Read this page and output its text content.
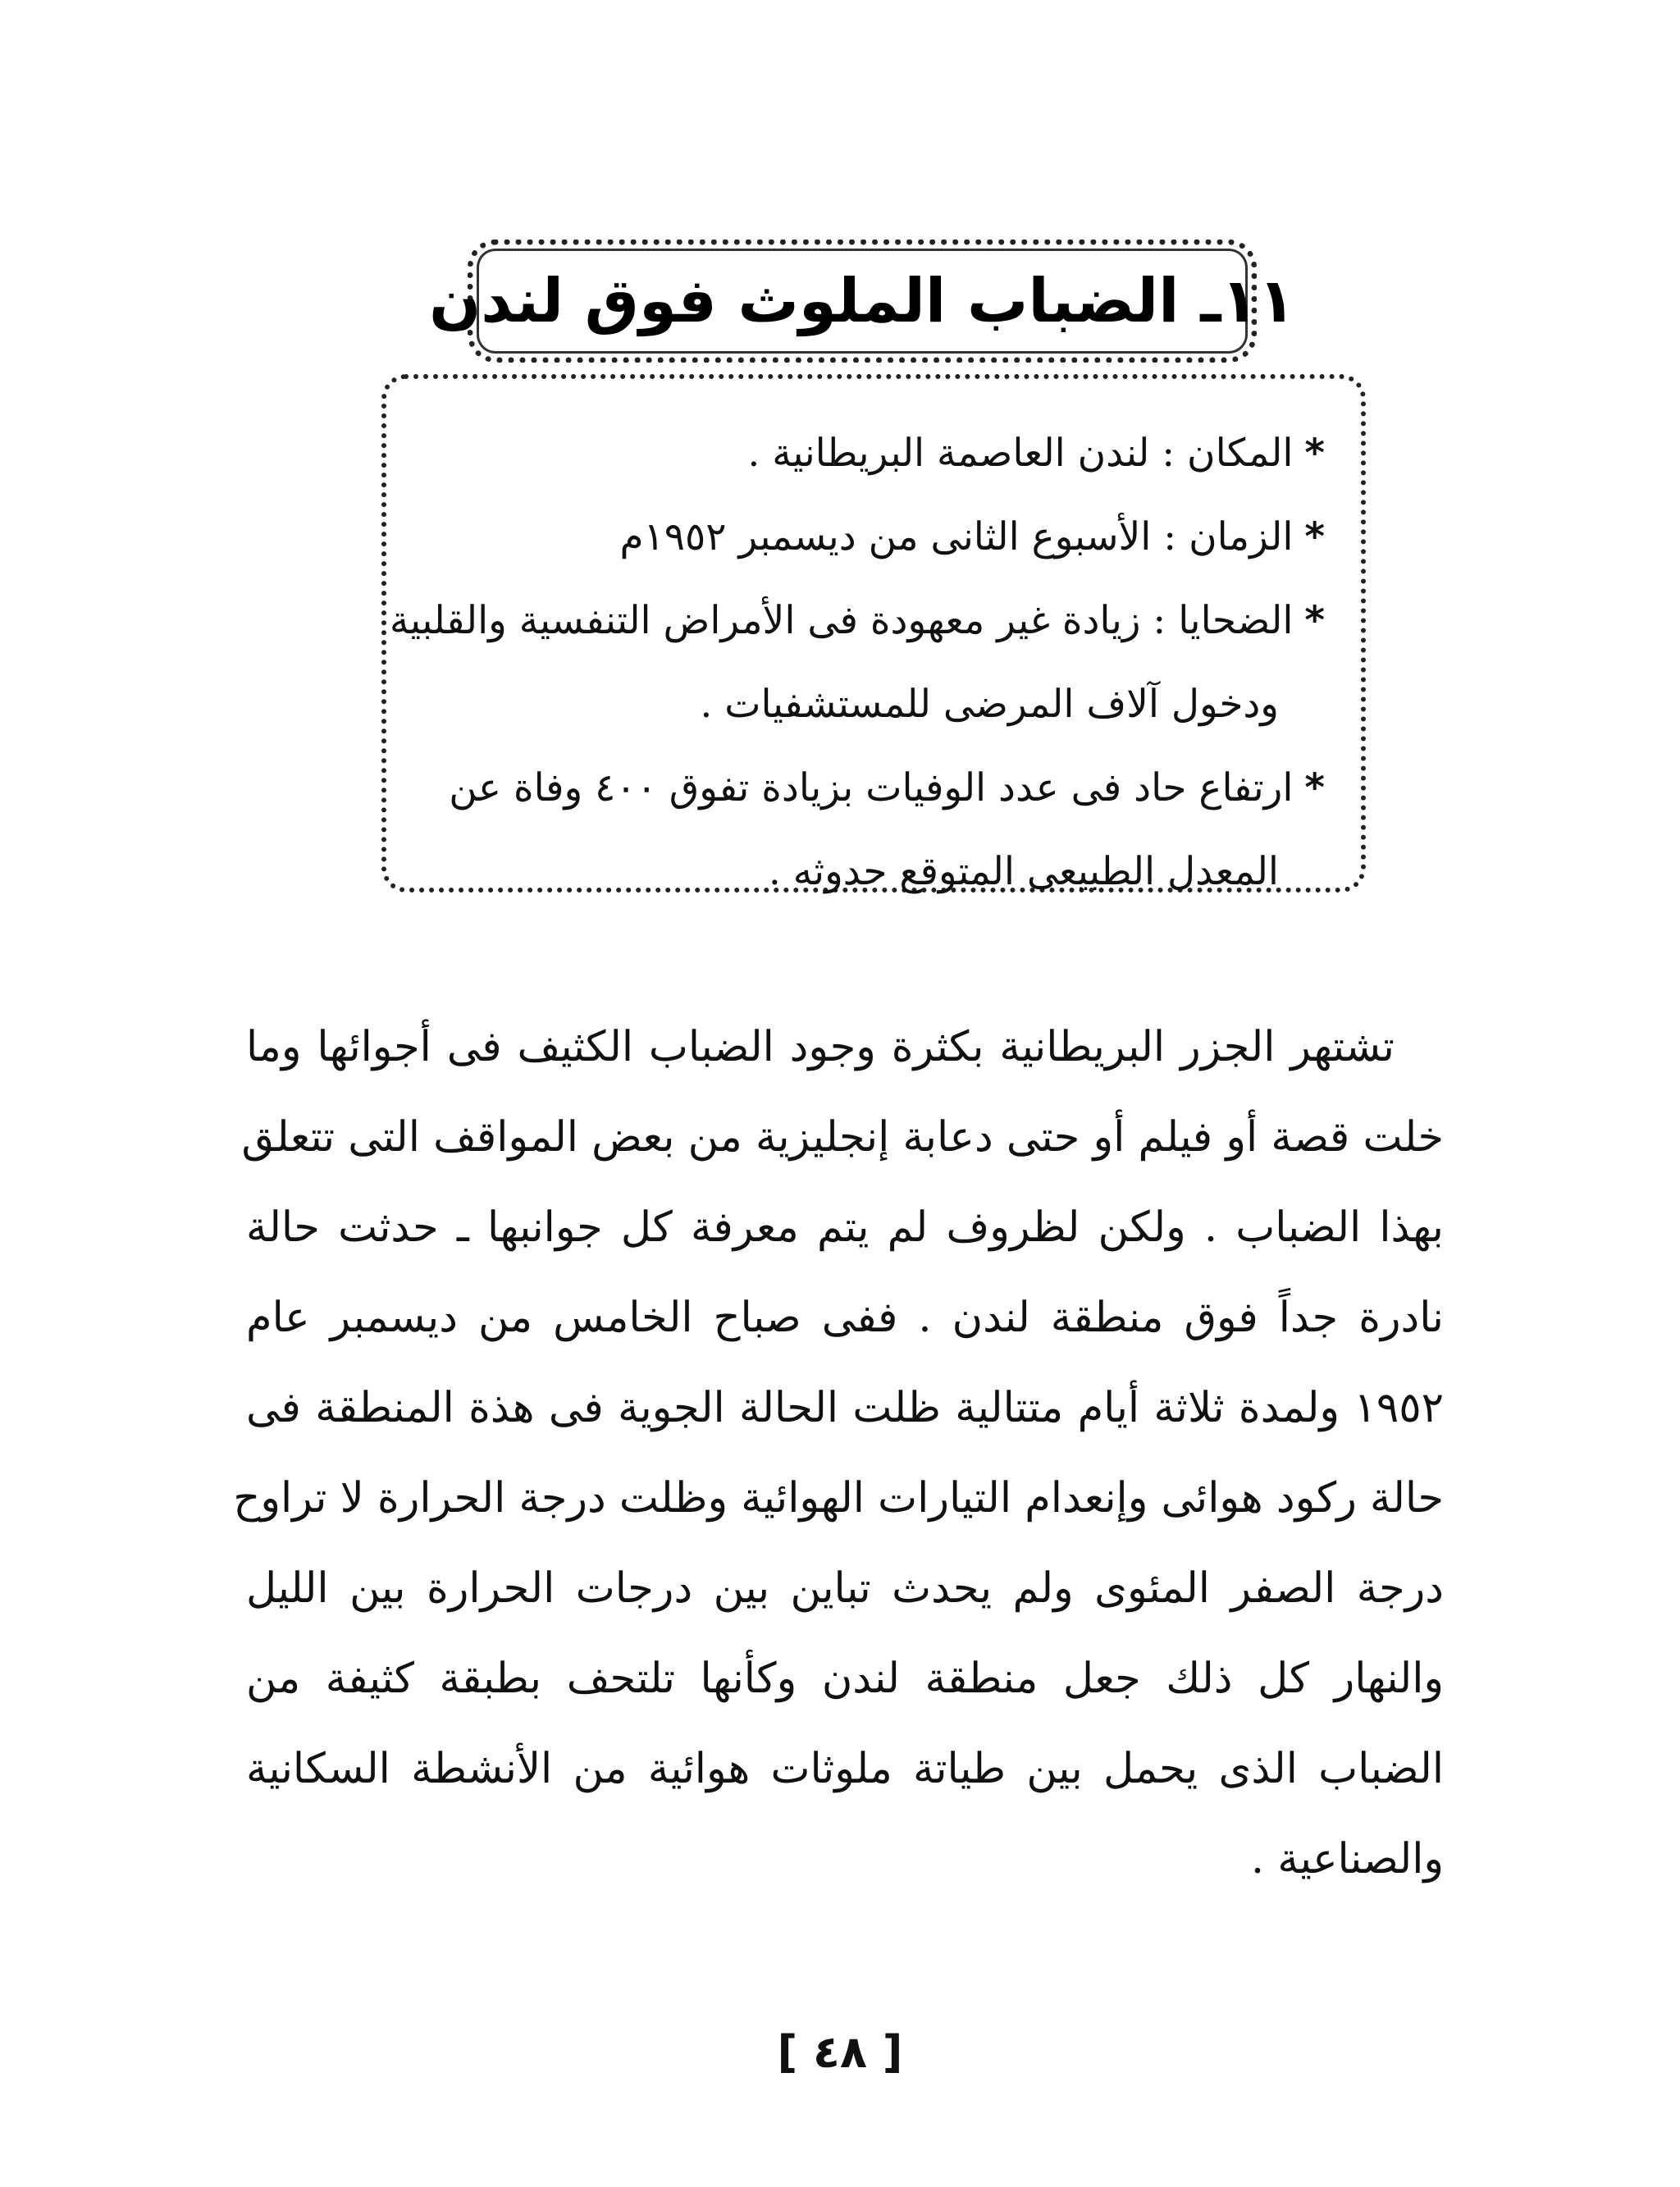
١١ـ الضباب الملوث فوق لندن
*المكان : لندن العاصمة البريطانية .
*الزمان : الأسبوع الثانى من ديسمبر ١٩٥٢م
*الضحايا : زيادة غير معهودة فى الأمراض التنفسية والقلبية
ودخول آلاف المرضى للمستشفيات .
*ارتفاع حاد فى عدد الوفيات بزيادة تفوق ٤٠٠ وفاة عن
المعدل الطبيعى المتوقع حدوثه .
تشتهر الجزر البريطانية بكثرة وجود الضباب الكثيف فى أجوائها وما
خلت قصة أو فيلم أو حتى دعابة إنجليزية من بعض المواقف التى تتعلق
بهذا الضباب . ولكن لظروف لم يتم معرفة كل جوانبها ـ حدثت حالة
نادرة جداً فوق منطقة لندن . ففى صباح الخامس من ديسمبر عام
١٩٥٢ ولمدة ثلاثة أيام متتالية ظلت الحالة الجوية فى هذة المنطقة فى
حالة ركود هوائى وإنعدام التيارات الهوائية وظلت درجة الحرارة لا تراوح
درجة الصفر المئوى ولم يحدث تباين بين درجات الحرارة بين الليل
والنهار كل ذلك جعل منطقة لندن وكأنها تلتحف بطبقة كثيفة من
الضباب الذى يحمل بين طياتة ملوثات هوائية من الأنشطة السكانية
والصناعية .
[ ٤٨ ]
